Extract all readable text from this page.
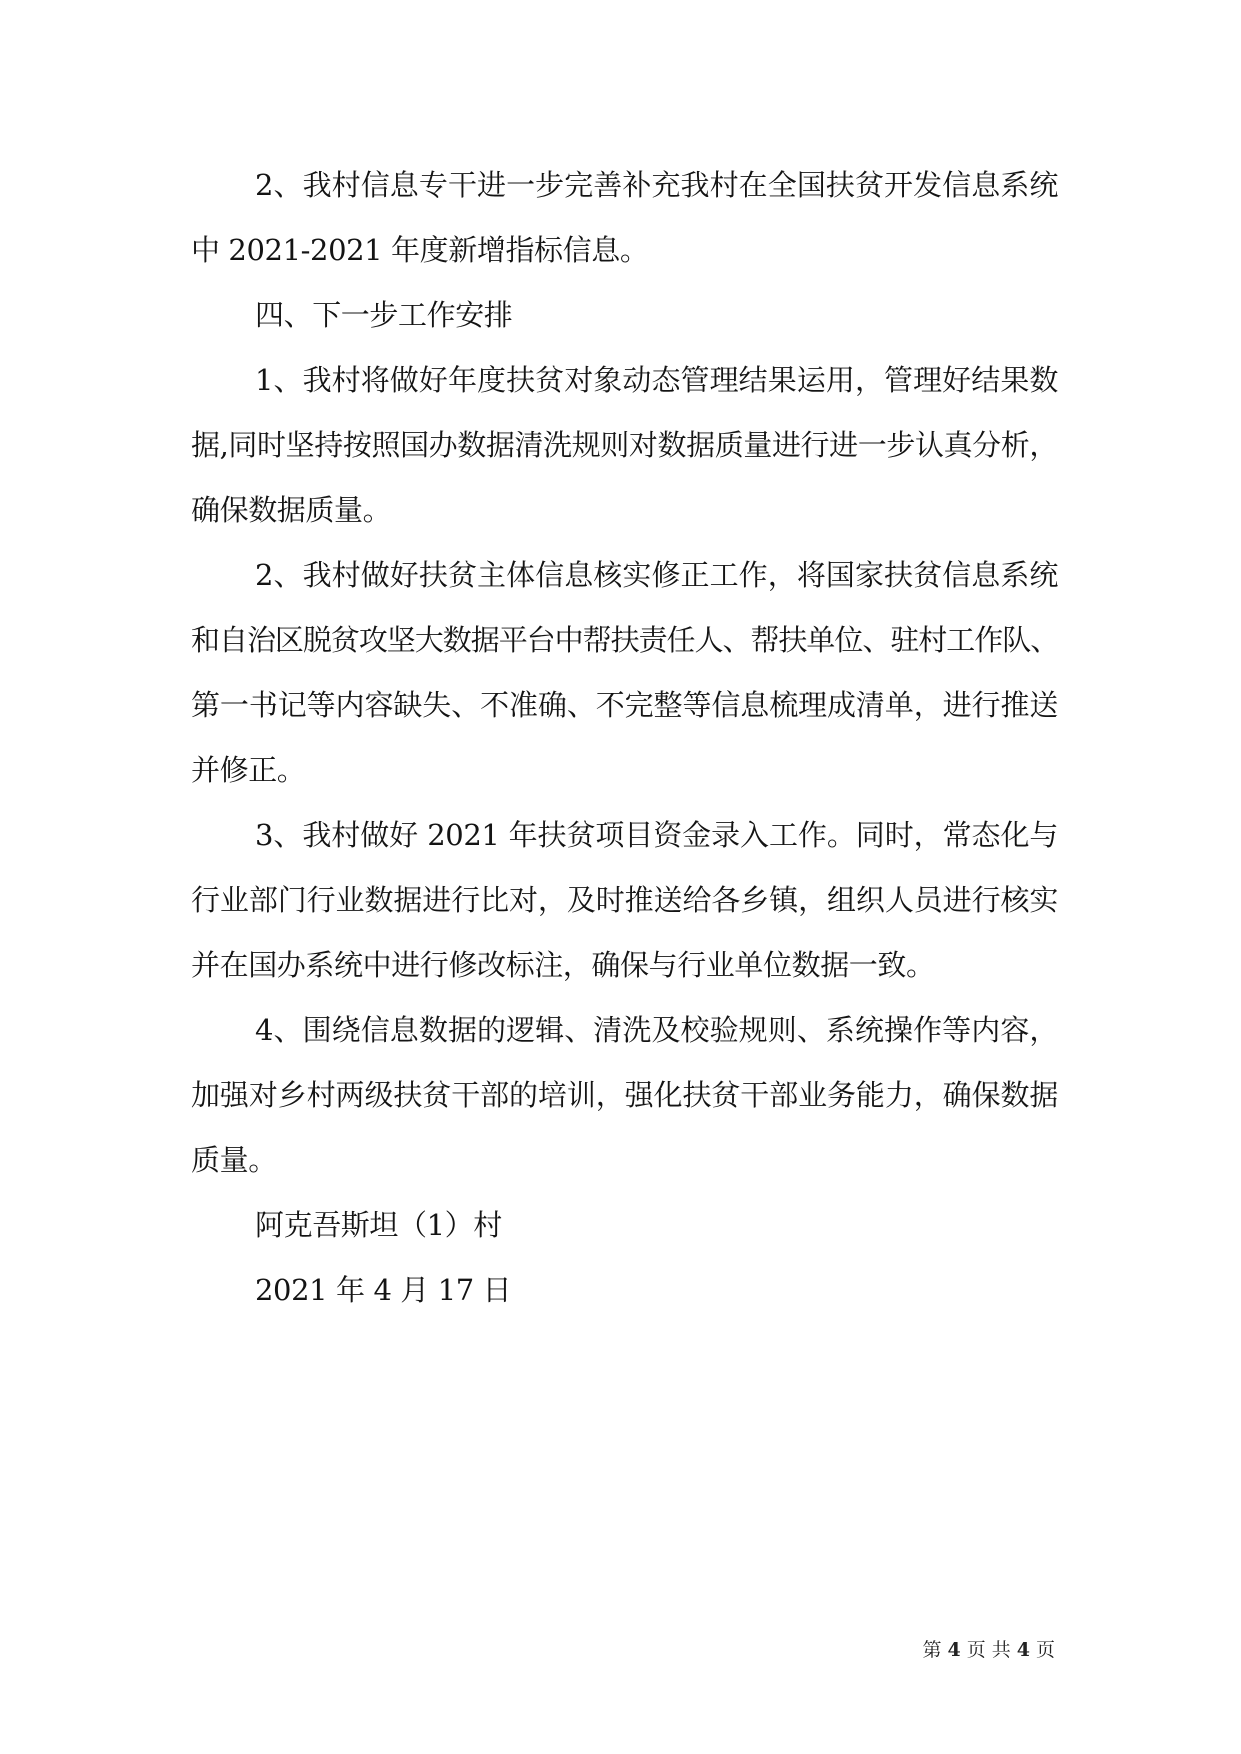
2、我村信息专干进一步完善补充我村在全国扶贫开发信息系统
中 2021-2021 年度新增指标信息。
四、下一步工作安排
1、我村将做好年度扶贫对象动态管理结果运用，管理好结果数
据,同时坚持按照国办数据清洗规则对数据质量进行进一步认真分析，
确保数据质量。
2、我村做好扶贫主体信息核实修正工作，将国家扶贫信息系统
和自治区脱贫攻坚大数据平台中帮扶责任人、帮扶单位、驻村工作队、
第一书记等内容缺失、不准确、不完整等信息梳理成清单，进行推送
并修正。
3、我村做好 2021 年扶贫项目资金录入工作。同时，常态化与
行业部门行业数据进行比对，及时推送给各乡镇，组织人员进行核实
并在国办系统中进行修改标注，确保与行业单位数据一致。
4、围绕信息数据的逻辑、清洗及校验规则、系统操作等内容，
加强对乡村两级扶贫干部的培训，强化扶贫干部业务能力，确保数据
质量。
阿克吾斯坦（1）村
2021 年 4 月 17 日
第 4 页 共 4 页
